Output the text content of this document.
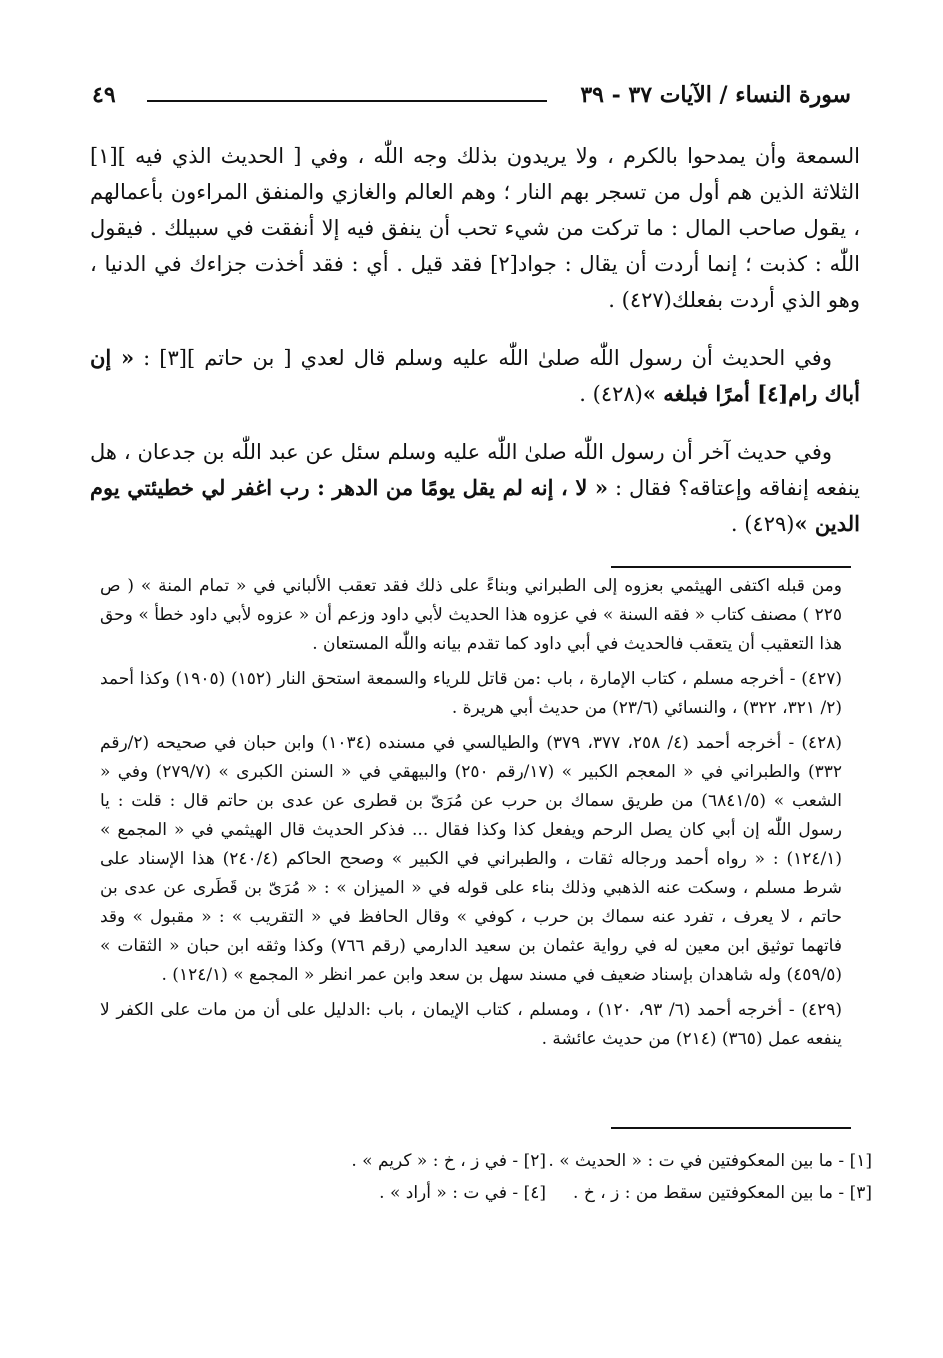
٤٩	سورة النساء / الآيات ٣٧ - ٣٩

السمعة وأن يمدحوا بالكرم ، ولا يريدون بذلك وجه اللّٰه ، وفي [ الحديث الذي فيه ][١] الثلاثة الذين هم أول من تسجر بهم النار ؛ وهم العالم والغازي والمنفق المراءون بأعمالهم ، يقول صاحب المال : ما تركت من شيء تحب أن ينفق فيه إلا أنفقت في سبيلك . فيقول اللّٰه : كذبت ؛ إنما أردت أن يقال : جواد[٢] فقد قيل . أي : فقد أخذت جزاءك في الدنيا ، وهو الذي أردت بفعلك(٤٢٧) .

وفي الحديث أن رسول اللّٰه صلىٰ اللّٰه عليه وسلم قال لعدي [ بن حاتم ][٣] : « إن أباك رام[٤] أمرًا فبلغه »(٤٢٨) .

وفي حديث آخر أن رسول اللّٰه صلىٰ اللّٰه عليه وسلم سئل عن عبد اللّٰه بن جدعان ، هل ينفعه إنفاقه وإعتاقه؟ فقال : « لا ، إنه لم يقل يومًا من الدهر : رب اغفر لي خطيئتي يوم الدين »(٤٢٩) .

ومن قبله اكتفى الهيثمي بعزوه إلى الطبراني وبناءً على ذلك فقد تعقب الألباني في « تمام المنة » ( ص ٢٢٥ ) مصنف كتاب « فقه السنة » في عزوه هذا الحديث لأبي داود وزعم أن « عزوه لأبي داود خطأ » وحق هذا التعقيب أن يتعقب فالحديث في أبي داود كما تقدم بيانه واللّٰه المستعان .

(٤٢٧) - أخرجه مسلم ، كتاب الإمارة ، باب :من قاتل للرياء والسمعة استحق النار (١٥٢) (١٩٠٥) وكذا أحمد (٢/ ٣٢١، ٣٢٢) ، والنسائي (٢٣/٦) من حديث أبي هريرة .

(٤٢٨) - أخرجه أحمد (٤/ ٢٥٨، ٣٧٧، ٣٧٩) والطيالسي في مسنده (١٠٣٤) وابن حبان في صحيحه (٢/رقم ٣٣٢) والطبراني في « المعجم الكبير » (١٧/رقم ٢٥٠) والبيهقي في « السنن الكبرى » (٢٧٩/٧) وفي « الشعب » (٦٨٤١/٥) من طريق سماك بن حرب عن مُرَىّ بن قطرى عن عدى بن حاتم قال : قلت : يا رسول اللّٰه إن أبي كان يصل الرحم ويفعل كذا وكذا فقال ... فذكر الحديث قال الهيثمي في « المجمع » (١٢٤/١) : « رواه أحمد ورجاله ثقات ، والطبراني في الكبير » وصحح الحاكم (٢٤٠/٤) هذا الإسناد على شرط مسلم ، وسكت عنه الذهبي وذلك بناء على قوله في « الميزان » : « مُرَىّ بن قَطَرى عن عدى بن حاتم ، لا يعرف ، تفرد عنه سماك بن حرب ، كوفي » وقال الحافظ في « التقريب » : « مقبول » وقد فاتهما توثيق ابن معين له في رواية عثمان بن سعيد الدارمي (رقم ٧٦٦) وكذا وثقه ابن حبان « الثقات » (٤٥٩/٥) وله شاهدان بإسناد ضعيف في مسند سهل بن سعد وابن عمر انظر « المجمع » (١٢٤/١) .

(٤٢٩) - أخرجه أحمد (٦/ ٩٣، ١٢٠) ، ومسلم ، كتاب الإيمان ، باب :الدليل على أن من مات على الكفر لا ينفعه عمل (٣٦٥) (٢١٤) من حديث عائشة .

[١] - ما بين المعكوفتين في ت : « الحديث » .
[٢] - في ز ، خ : « كريم » .
[٣] - ما بين المعكوفتين سقط من : ز ، خ .
[٤] - في ت : « أراد » .
